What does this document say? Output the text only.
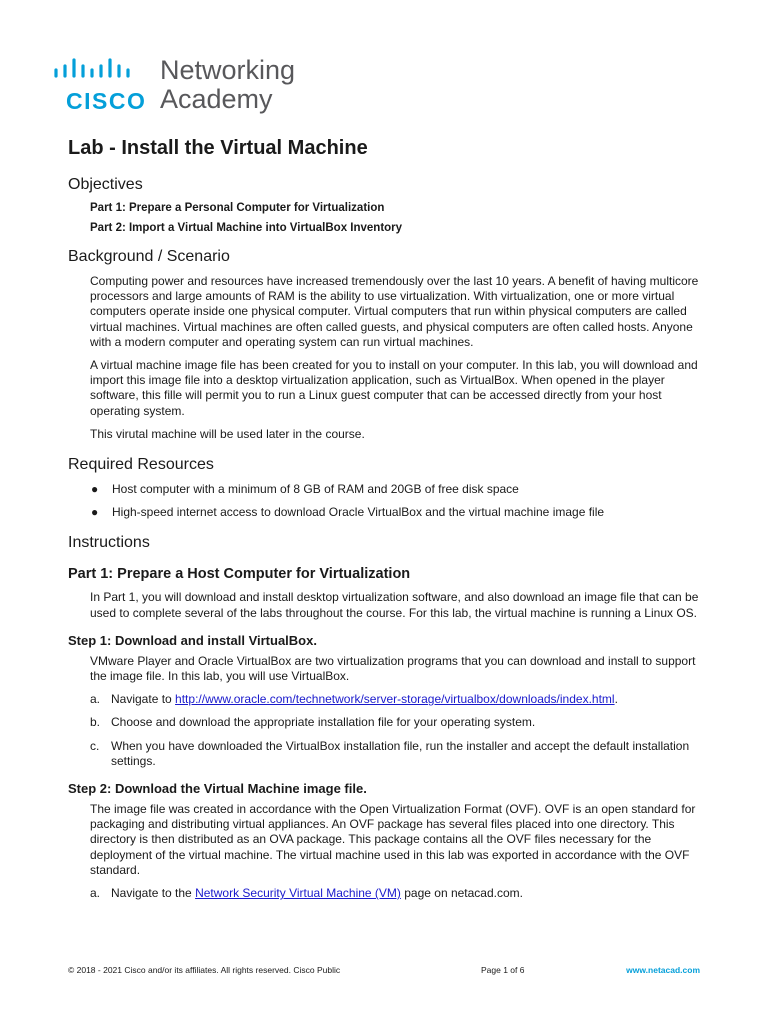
CISCO
Networking
Academy
Lab - Install the Virtual Machine
Objectives
Part 1: Prepare a Personal Computer for Virtualization
Part 2: Import a Virtual Machine into VirtualBox Inventory
Background / Scenario

Computing power and resources have increased tremendously over the last 10 years. A benefit of having multicore processors and large amounts of RAM is the ability to use virtualization. With virtualization, one or more virtual computers operate inside one physical computer. Virtual computers that run within physical computers are called virtual machines. Virtual machines are often called guests, and physical computers are often called hosts. Anyone with a modern computer and operating system can run virtual machines.

A virtual machine image file has been created for you to install on your computer. In this lab, you will download and import this image file into a desktop virtualization application, such as VirtualBox. When opened in the player software, this fille will permit you to run a Linux guest computer that can be accessed directly from your host operating system.

This virutal machine will be used later in the course.

Required Resources
● Host computer with a minimum of 8 GB of RAM and 20GB of free disk space
● High-speed internet access to download Oracle VirtualBox and the virtual machine image file
Instructions
Part 1: Prepare a Host Computer for Virtualization

In Part 1, you will download and install desktop virtualization software, and also download an image file that can be used to complete several of the labs throughout the course. For this lab, the virtual machine is running a Linux OS.

Step 1: Download and install VirtualBox.

VMware Player and Oracle VirtualBox are two virtualization programs that you can download and install to support the image file. In this lab, you will use VirtualBox.

a. Navigate to http://www.oracle.com/technetwork/server-storage/virtualbox/downloads/index.html.
b. Choose and download the appropriate installation file for your operating system.
c. When you have downloaded the VirtualBox installation file, run the installer and accept the default installation settings.
Step 2: Download the Virtual Machine image file.

The image file was created in accordance with the Open Virtualization Format (OVF). OVF is an open standard for packaging and distributing virtual appliances. An OVF package has several files placed into one directory. This directory is then distributed as an OVA package. This package contains all the OVF files necessary for the deployment of the virtual machine. The virtual machine used in this lab was exported in accordance with the OVF standard.

a. Navigate to the Network Security Virtual Machine (VM) page on netacad.com.
© 2018 - 2021 Cisco and/or its affiliates. All rights reserved. Cisco Public	Page 1 of 6	www.netacad.com
